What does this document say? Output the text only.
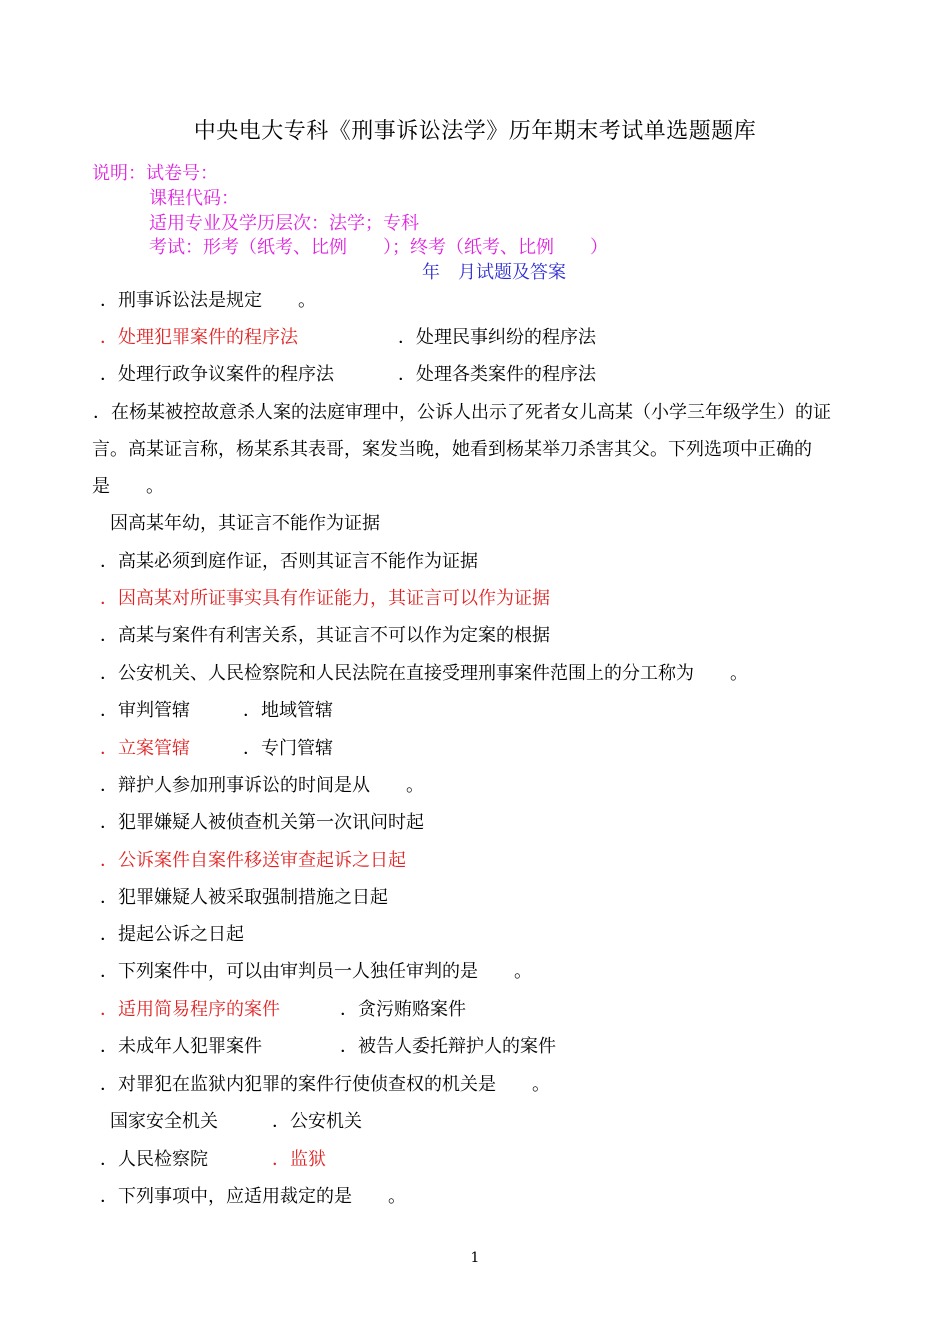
中央电大专科《刑事诉讼法学》历年期末考试单选题题库
说明：试卷号：
课程代码：
适用专业及学历层次：法学；专科
考试：形考（纸考、比例　　）；终考（纸考、比例　　）
年　月试题及答案
．刑事诉讼法是规定　　。
．处理犯罪案件的程序法	．处理民事纠纷的程序法
．处理行政争议案件的程序法	．处理各类案件的程序法
．在杨某被控故意杀人案的法庭审理中，公诉人出示了死者女儿高某（小学三年级学生）的证言。高某证言称，杨某系其表哥，案发当晚，她看到杨某举刀杀害其父。下列选项中正确的是　　。
因高某年幼，其证言不能作为证据
．高某必须到庭作证，否则其证言不能作为证据
．因高某对所证事实具有作证能力，其证言可以作为证据
．高某与案件有利害关系，其证言不可以作为定案的根据
．公安机关、人民检察院和人民法院在直接受理刑事案件范围上的分工称为　　。
．审判管辖	．地域管辖
．立案管辖	．专门管辖
．辩护人参加刑事诉讼的时间是从　　。
．犯罪嫌疑人被侦查机关第一次讯问时起
．公诉案件自案件移送审查起诉之日起
．犯罪嫌疑人被采取强制措施之日起
．提起公诉之日起
．下列案件中，可以由审判员一人独任审判的是　　。
．适用简易程序的案件	．贪污贿赂案件
．未成年人犯罪案件	．被告人委托辩护人的案件
．对罪犯在监狱内犯罪的案件行使侦查权的机关是　　。
国家安全机关	．公安机关
．人民检察院	．监狱
．下列事项中，应适用裁定的是　　。
1
